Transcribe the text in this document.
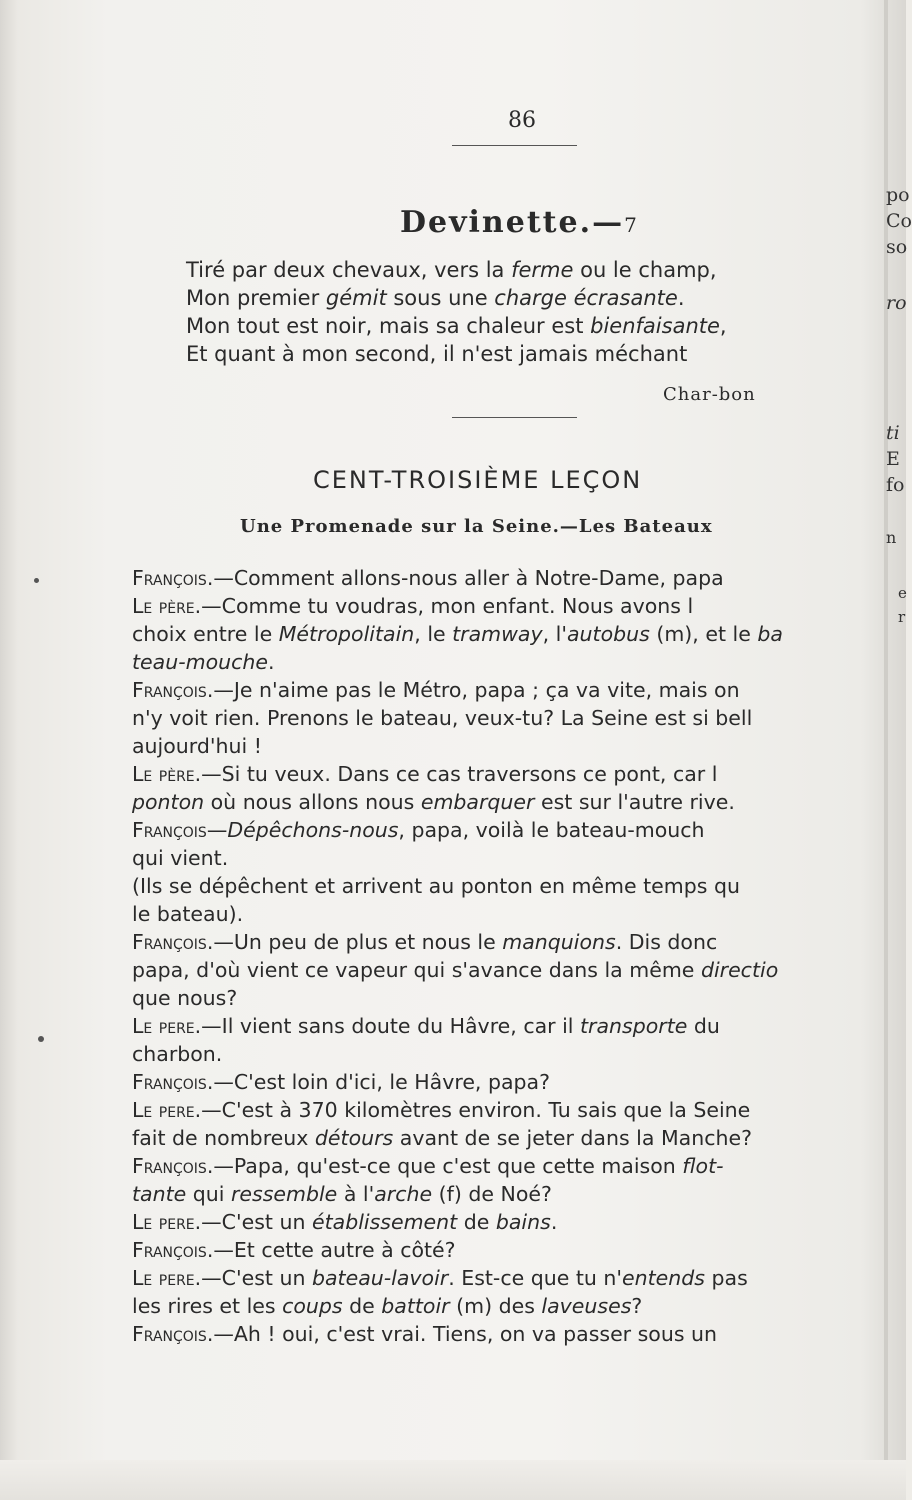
86
Devinette.—7
Tiré par deux chevaux, vers la ferme ou le champ,
Mon premier gémit sous une charge écrasante.
Mon tout est noir, mais sa chaleur est bienfaisante,
Et quant à mon second, il n'est jamais méchant
Char-bon
CENT-TROISIÈME LEÇON
Une Promenade sur la Seine.—Les Bateaux
François.—Comment allons-nous aller à Notre-Dame, papa
Le père.—Comme tu voudras, mon enfant. Nous avons l
choix entre le Métropolitain, le tramway, l'autobus (m), et le ba
teau-mouche.
François.—Je n'aime pas le Métro, papa ; ça va vite, mais on
n'y voit rien. Prenons le bateau, veux-tu? La Seine est si bell
aujourd'hui !
Le père.—Si tu veux. Dans ce cas traversons ce pont, car l
ponton où nous allons nous embarquer est sur l'autre rive.
François—Dépêchons-nous, papa, voilà le bateau-mouch
qui vient.
(Ils se dépêchent et arrivent au ponton en même temps qu
le bateau).
François.—Un peu de plus et nous le manquions. Dis donc
papa, d'où vient ce vapeur qui s'avance dans la même directio
que nous?
Le pere.—Il vient sans doute du Hâvre, car il transporte du
charbon.
François.—C'est loin d'ici, le Hâvre, papa?
Le pere.—C'est à 370 kilomètres environ. Tu sais que la Seine
fait de nombreux détours avant de se jeter dans la Manche?
François.—Papa, qu'est-ce que c'est que cette maison flot-
tante qui ressemble à l'arche (f) de Noé?
Le pere.—C'est un établissement de bains.
François.—Et cette autre à côté?
Le pere.—C'est un bateau-lavoir. Est-ce que tu n'entends pas
les rires et les coups de battoir (m) des laveuses?
François.—Ah ! oui, c'est vrai. Tiens, on va passer sous un
po
Co
so
ro
ti
E
fo
n
e
r
